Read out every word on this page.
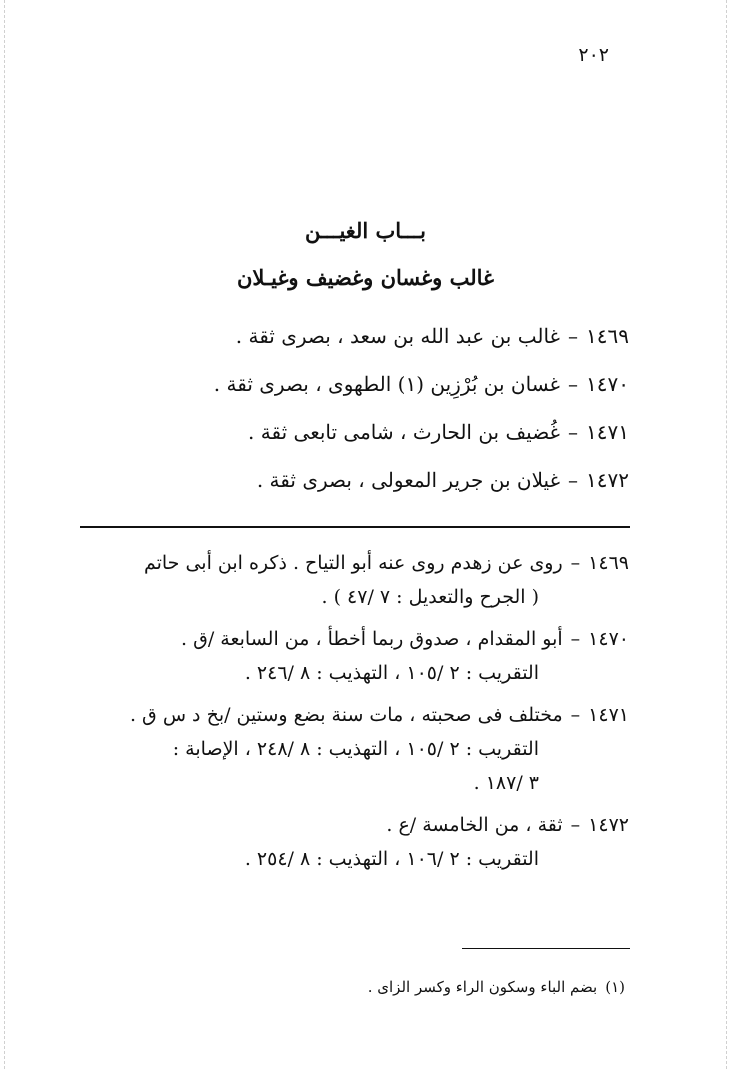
٢٠٢
بـــاب الغيـــن
غالب وغسان وغضيف وغيـلان
١٤٦٩–غالب بن عبد الله بن سعد ، بصرى ثقة .
١٤٧٠–غسان بن بُرْزِين (١) الطهوى ، بصرى ثقة .
١٤٧١–غُضيف بن الحارث ، شامى تابعى ثقة .
١٤٧٢–غيلان بن جرير المعولى ، بصرى ثقة .
١٤٦٩–روى عن زهدم روى عنه أبو التياح . ذكره ابن أبى حاتم
( الجرح والتعديل : ٧ /٤٧ ) .
١٤٧٠–أبو المقدام ، صدوق ربما أخطأ ، من السابعة /ق .
التقريب : ٢ /١٠٥ ، التهذيب : ٨ /٢٤٦ .
١٤٧١–مختلف فى صحبته ، مات سنة بضع وستين /بخ د س ق .
التقريب : ٢ /١٠٥ ، التهذيب : ٨ /٢٤٨ ، الإصابة :
٣ /١٨٧ .
١٤٧٢–ثقة ، من الخامسة /ع .
التقريب : ٢ /١٠٦ ، التهذيب : ٨ /٢٥٤ .
(١)بضم الباء وسكون الراء وكسر الزاى .
